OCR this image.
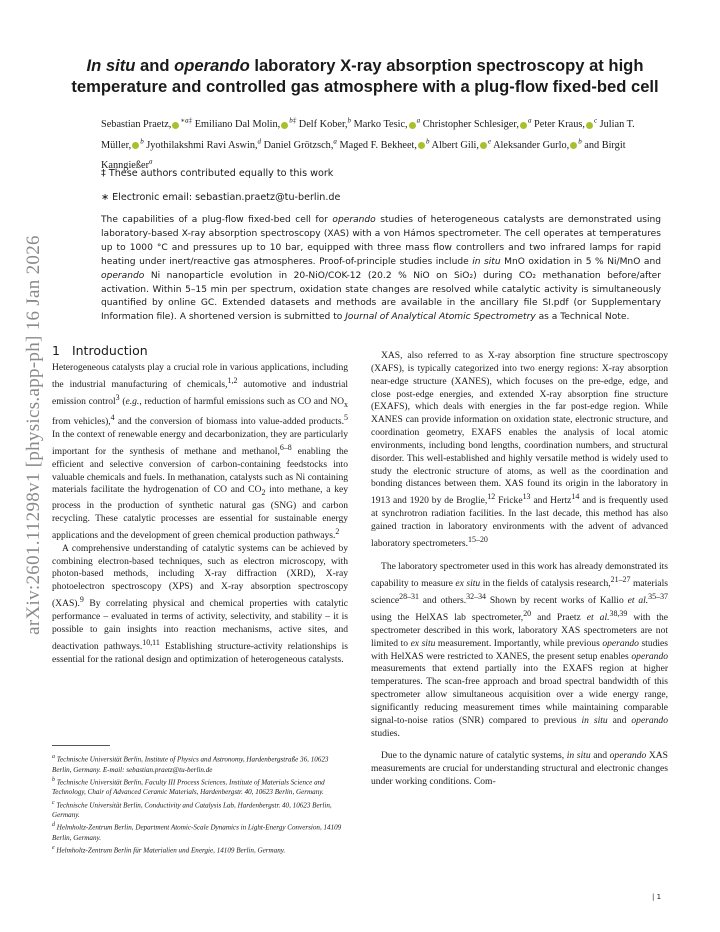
arXiv:2601.11298v1 [physics.app-ph] 16 Jan 2026
In situ and operando laboratory X-ray absorption spectroscopy at high
temperature and controlled gas atmosphere with a plug-flow fixed-bed cell
Sebastian Praetz, $^{∗a\ddagger}$ Emiliano Dal Molin, $^{b\ddagger}$ Delf Kober,$^b$ Marko Tesic, $^a$ Christopher Schlesiger, $^a$ Peter Kraus, $^c$ Julian T. Müller, $^b$ Jyothilakshmi Ravi Aswin,$^d$ Daniel Grötzsch,$^a$ Maged F. Bekheet, $^b$ Albert Gili, $^e$ Aleksander Gurlo, $^b$ and Birgit Kanngießer$^a$
‡ These authors contributed equally to this work
∗ Electronic email: sebastian.praetz@tu-berlin.de
The capabilities of a plug-flow fixed-bed cell for operando studies of heterogeneous catalysts are demonstrated using laboratory-based X-ray absorption spectroscopy (XAS) with a von Hámos spectrometer. The cell operates at temperatures up to 1000 °C and pressures up to 10 bar, equipped with three mass flow controllers and two infrared lamps for rapid heating under inert/reactive gas atmospheres. Proof-of-principle studies include in situ MnO oxidation in 5 % Ni/MnO and operando Ni nanoparticle evolution in 20-NiO/COK-12 (20.2 % NiO on SiO₂) during CO₂ methanation before/after activation. Within 5–15 min per spectrum, oxidation state changes are resolved while catalytic activity is simultaneously quantified by online GC. Extended datasets and methods are available in the ancillary file SI.pdf (or Supplementary Information file). A shortened version is submitted to Journal of Analytical Atomic Spectrometry as a Technical Note.
1 Introduction

Heterogeneous catalysts play a crucial role in various applications, including the industrial manufacturing of chemicals,$^{1,2}$ automotive and industrial emission control$^3$ (e.g., reduction of harmful emissions such as CO and $NO_x$ from vehicles),$^4$ and the conversion of biomass into value-added products.$^5$ In the context of renewable energy and decarbonization, they are particularly important for the synthesis of methane and methanol,$^{6-8}$ enabling the efficient and selective conversion of carbon-containing feedstocks into valuable chemicals and fuels. In methanation, catalysts such as Ni containing materials facilitate the hydrogenation of CO and $CO_2$ into methane, a key process in the production of synthetic natural gas (SNG) and carbon recycling. These catalytic processes are essential for sustainable energy applications and the development of green chemical production pathways.$^2$

A comprehensive understanding of catalytic systems can be achieved by combining electron-based techniques, such as electron microscopy, with photon-based methods, including X-ray diffraction (XRD), X-ray photoelectron spectroscopy (XPS) and X-ray absorption spectroscopy (XAS).$^9$ By correlating physical and chemical properties with catalytic performance – evaluated in terms of activity, selectivity, and stability – it is possible to gain insights into reaction mechanisms, active sites, and deactivation pathways.$^{10,11}$ Establishing structure-activity relationships is essential for the rational design and optimization of heterogeneous catalysts.

$^a$ Technische Universität Berlin, Institute of Physics and Astronomy, Hardenbergstraße 36, 10623 Berlin, Germany. E-mail: sebastian.praetz@tu-berlin.de

$^b$ Technische Universität Berlin, Faculty III Process Sciences, Institute of Materials Science and Technology, Chair of Advanced Ceramic Materials, Hardenbergstr. 40, 10623 Berlin, Germany.

$^c$ Technische Universität Berlin, Conductivity and Catalysis Lab, Hardenbergstr. 40, 10623 Berlin, Germany.

$^d$ Helmholtz-Zentrum Berlin, Department Atomic-Scale Dynamics in Light-Energy Conversion, 14109 Berlin, Germany.

$^e$ Helmholtz-Zentrum Berlin für Materialien und Energie, 14109 Berlin, Germany.

XAS, also referred to as X-ray absorption fine structure spectroscopy (XAFS), is typically categorized into two energy regions: X-ray absorption near-edge structure (XANES), which focuses on the pre-edge, edge, and close post-edge energies, and extended X-ray absorption fine structure (EXAFS), which deals with energies in the far post-edge region. While XANES can provide information on oxidation state, electronic structure, and coordination geometry, EXAFS enables the analysis of local atomic environments, including bond lengths, coordination numbers, and structural disorder. This well-established and highly versatile method is widely used to study the electronic structure of atoms, as well as the coordination and bonding distances between them. XAS found its origin in the laboratory in 1913 and 1920 by de Broglie,$^{12}$ Fricke$^{13}$ and Hertz$^{14}$ and is frequently used at synchrotron radiation facilities. In the last decade, this method has also gained traction in laboratory environments with the advent of advanced laboratory spectrometers.$^{15-20}$

The laboratory spectrometer used in this work has already demonstrated its capability to measure ex situ in the fields of catalysis research,$^{21-27}$ materials science$^{28-31}$ and others.$^{32-34}$ Shown by recent works of Kallio et al.$^{35-37}$ using the HelXAS lab spectrometer,$^{20}$ and Praetz et al.$^{38,39}$ with the spectrometer described in this work, laboratory XAS spectrometers are not limited to ex situ measurement. Importantly, while previous operando studies with HelXAS were restricted to XANES, the present setup enables operando measurements that extend partially into the EXAFS region at higher temperatures. The scan-free approach and broad spectral bandwidth of this spectrometer allow simultaneous acquisition over a wide energy range, significantly reducing measurement times while maintaining comparable signal-to-noise ratios (SNR) compared to previous in situ and operando studies.

Due to the dynamic nature of catalytic systems, in situ and operando XAS measurements are crucial for understanding structural and electronic changes under working conditions. Com-

| 1
